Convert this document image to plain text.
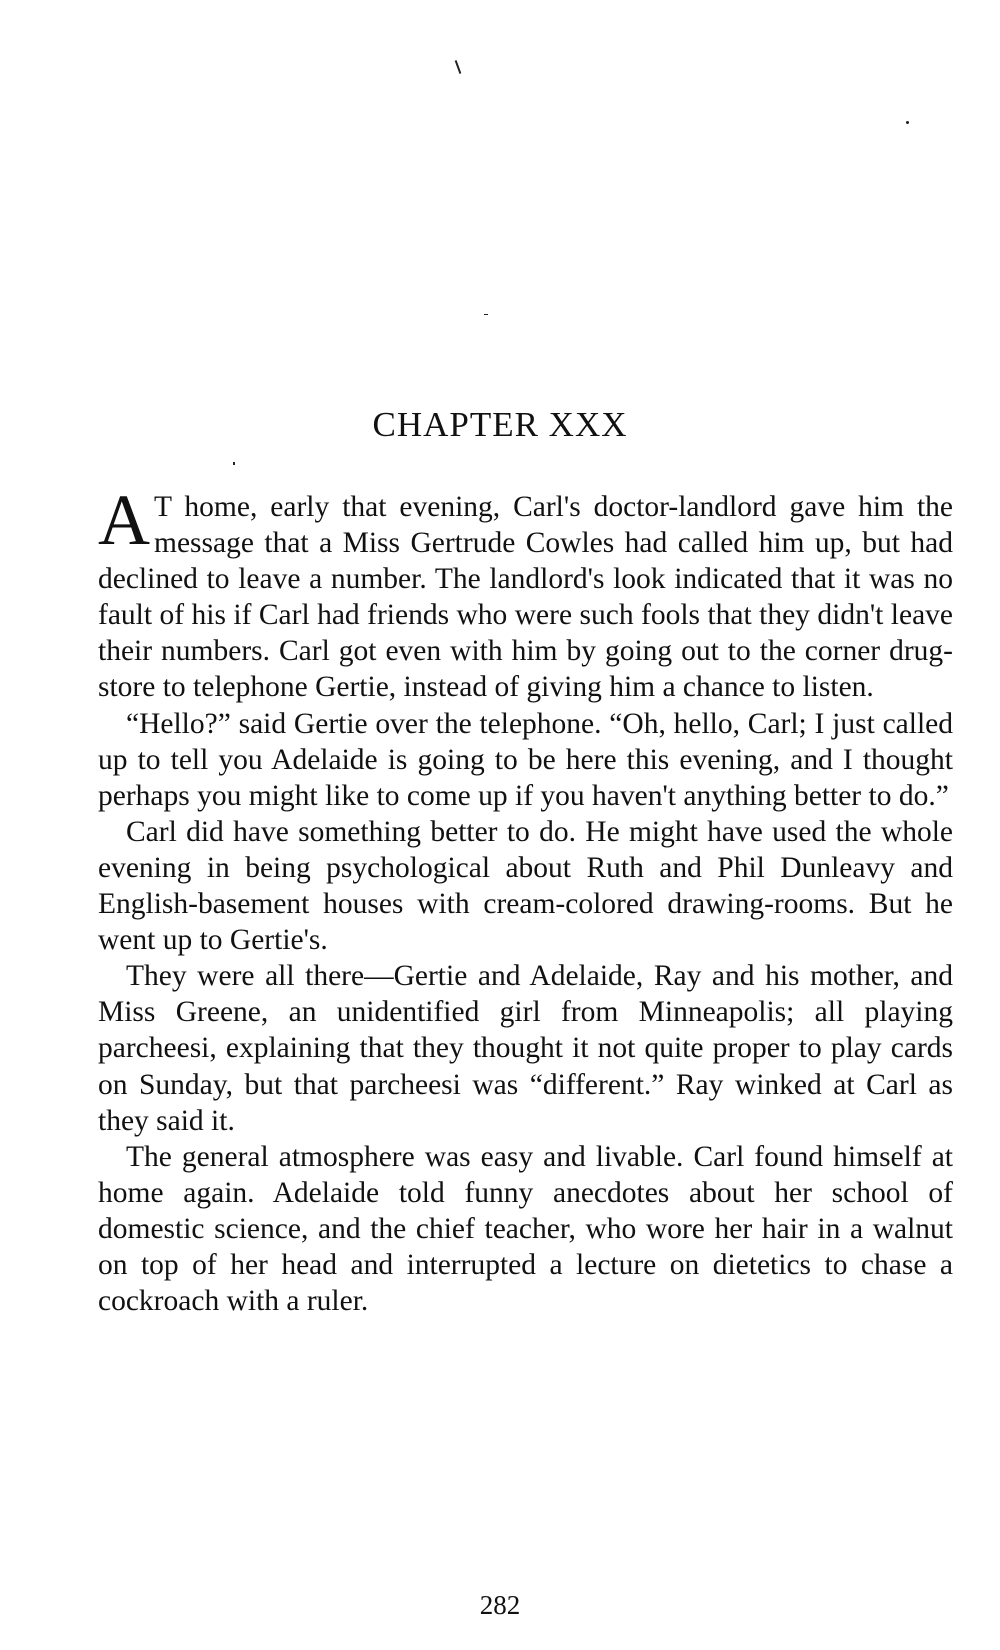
CHAPTER XXX

A T home, early that evening, Carl's doctor-landlord gave him the message that a Miss Gertrude Cowles had called him up, but had declined to leave a number. The landlord's look indicated that it was no fault of his if Carl had friends who were such fools that they didn't leave their numbers. Carl got even with him by going out to the corner drug-store to telephone Gertie, instead of giving him a chance to listen.

“Hello?” said Gertie over the telephone. “Oh, hello, Carl; I just called up to tell you Adelaide is going to be here this evening, and I thought perhaps you might like to come up if you haven't anything better to do.”

Carl did have something better to do. He might have used the whole evening in being psychological about Ruth and Phil Dunleavy and English-basement houses with cream-colored drawing-rooms. But he went up to Gertie's.

They were all there—Gertie and Adelaide, Ray and his mother, and Miss Greene, an unidentified girl from Minneapolis; all playing parcheesi, explaining that they thought it not quite proper to play cards on Sunday, but that parcheesi was “different.” Ray winked at Carl as they said it.

The general atmosphere was easy and livable. Carl found himself at home again. Adelaide told funny anecdotes about her school of domestic science, and the chief teacher, who wore her hair in a walnut on top of her head and interrupted a lecture on dietetics to chase a cockroach with a ruler.

282
